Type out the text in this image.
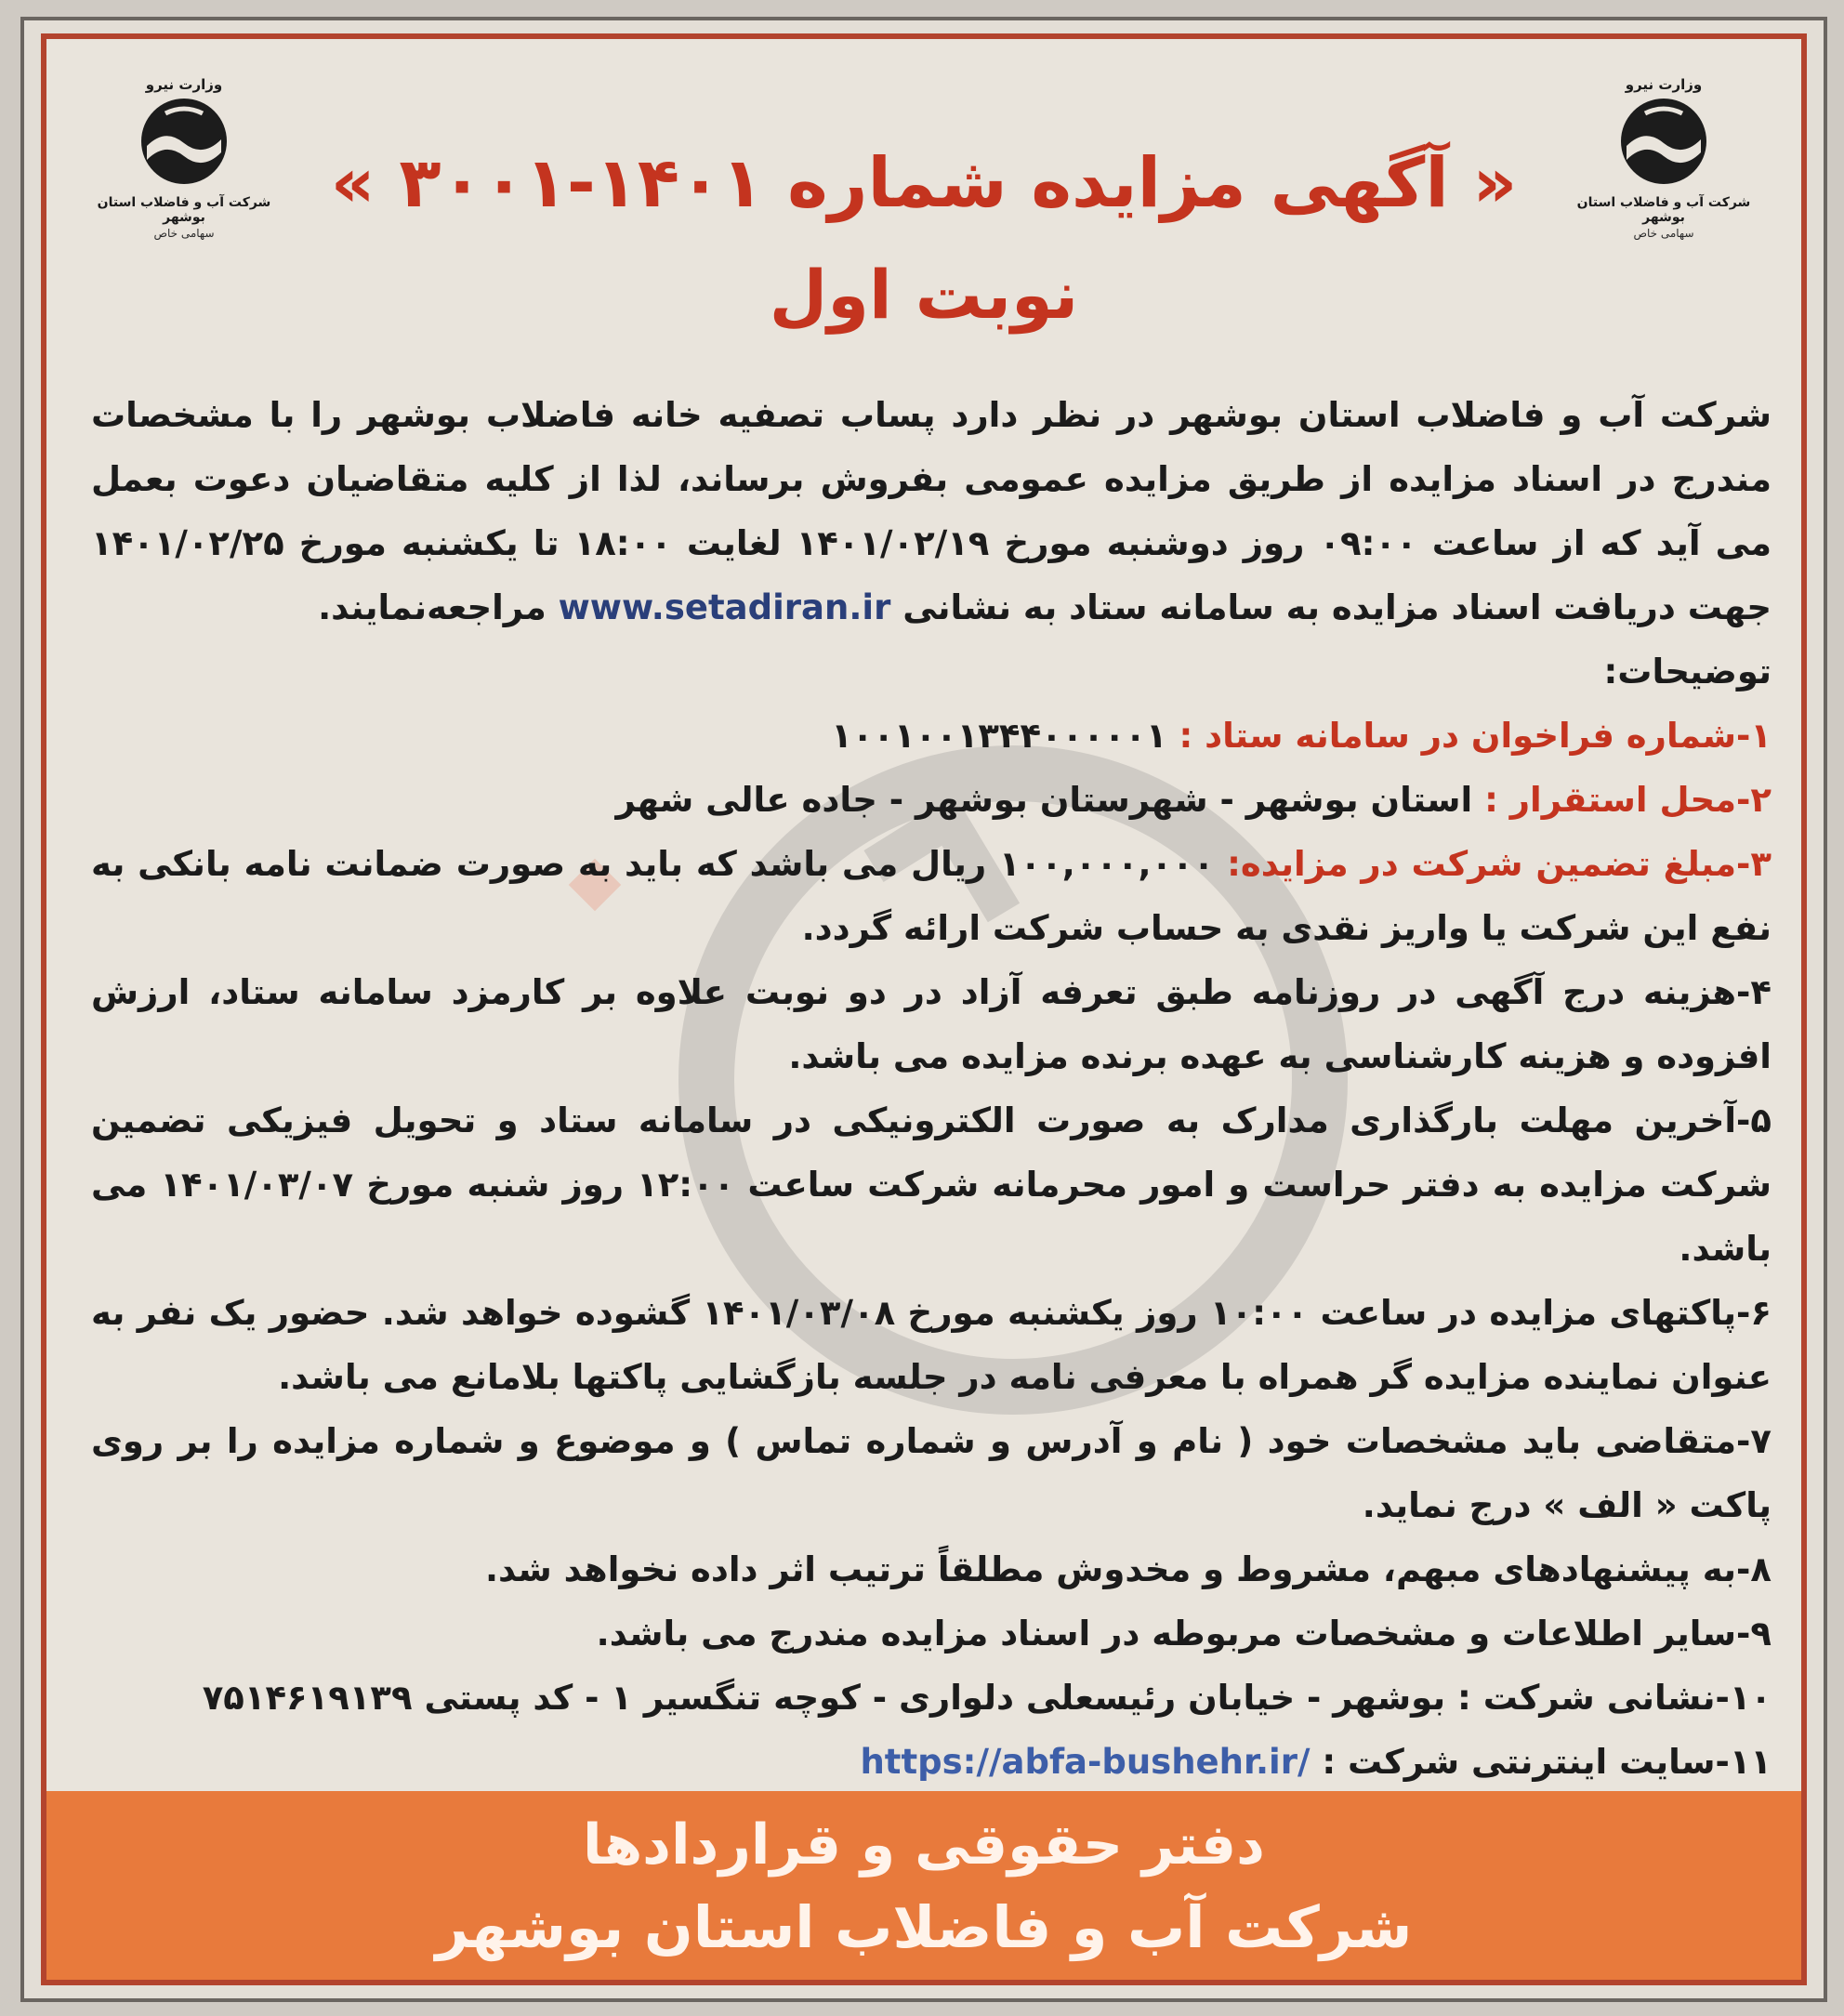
وزارت نیرو
شرکت آب و فاضلاب استان بوشهر
سهامی خاص
وزارت نیرو
شرکت آب و فاضلاب استان بوشهر
سهامی خاص
« آگهی مزایده شماره ۱۴۰۱-۳۰۰۱ »
نوبت اول

شرکت آب و فاضلاب استان بوشهر در نظر دارد پساب تصفیه خانه فاضلاب بوشهر را با مشخصات مندرج در اسناد مزایده از طریق مزایده عمومی بفروش برساند، لذا از کلیه متقاضیان دعوت بعمل می آید که از ساعت ۰۹:۰۰ روز دوشنبه مورخ ۱۴۰۱/۰۲/۱۹ لغایت ۱۸:۰۰ تا یکشنبه مورخ ۱۴۰۱/۰۲/۲۵ جهت دریافت اسناد مزایده به سامانه ستاد به نشانی www.setadiran.ir مراجعه‌نمایند.

توضیحات:

۱-شماره فراخوان در سامانه ستاد : ۱۰۰۱۰۰۱۳۴۴۰۰۰۰۰۱

۲-محل استقرار : استان بوشهر - شهرستان بوشهر - جاده عالی شهر

۳-مبلغ تضمین شرکت در مزایده: ۱۰۰,۰۰۰,۰۰۰ ریال می باشد که باید به صورت ضمانت نامه بانکی به نفع این شرکت یا واریز نقدی به حساب شرکت ارائه گردد.

۴-هزینه درج آگهی در روزنامه طبق تعرفه آزاد در دو نوبت علاوه بر کارمزد سامانه ستاد، ارزش افزوده و هزینه کارشناسی به عهده برنده مزایده می باشد.

۵-آخرین مهلت بارگذاری مدارک به صورت الکترونیکی در سامانه ستاد و تحویل فیزیکی تضمین شرکت مزایده به دفتر حراست و امور محرمانه شرکت ساعت ۱۲:۰۰ روز شنبه مورخ ۱۴۰۱/۰۳/۰۷ می باشد.

۶-پاکتهای مزایده در ساعت ۱۰:۰۰ روز یکشنبه مورخ ۱۴۰۱/۰۳/۰۸ گشوده خواهد شد. حضور یک نفر به عنوان نماینده مزایده گر همراه با معرفی نامه در جلسه بازگشایی پاکتها بلامانع می باشد.

۷-متقاضی باید مشخصات خود ( نام و آدرس و شماره تماس ) و موضوع و شماره مزایده را بر روی پاکت « الف » درج نماید.

۸-به پیشنهادهای مبهم، مشروط و مخدوش مطلقاً ترتیب اثر داده نخواهد شد.

۹-سایر اطلاعات و مشخصات مربوطه در اسناد مزایده مندرج می باشد.

۱۰-نشانی شرکت : بوشهر - خیابان رئیسعلی دلواری - کوچه تنگسیر ۱ - کد پستی ۷۵۱۴۶۱۹۱۳۹

۱۱-سایت اینترنتی شرکت : https://abfa-bushehr.ir/

دفتر حقوقی و قراردادها
شرکت آب و فاضلاب استان بوشهر
